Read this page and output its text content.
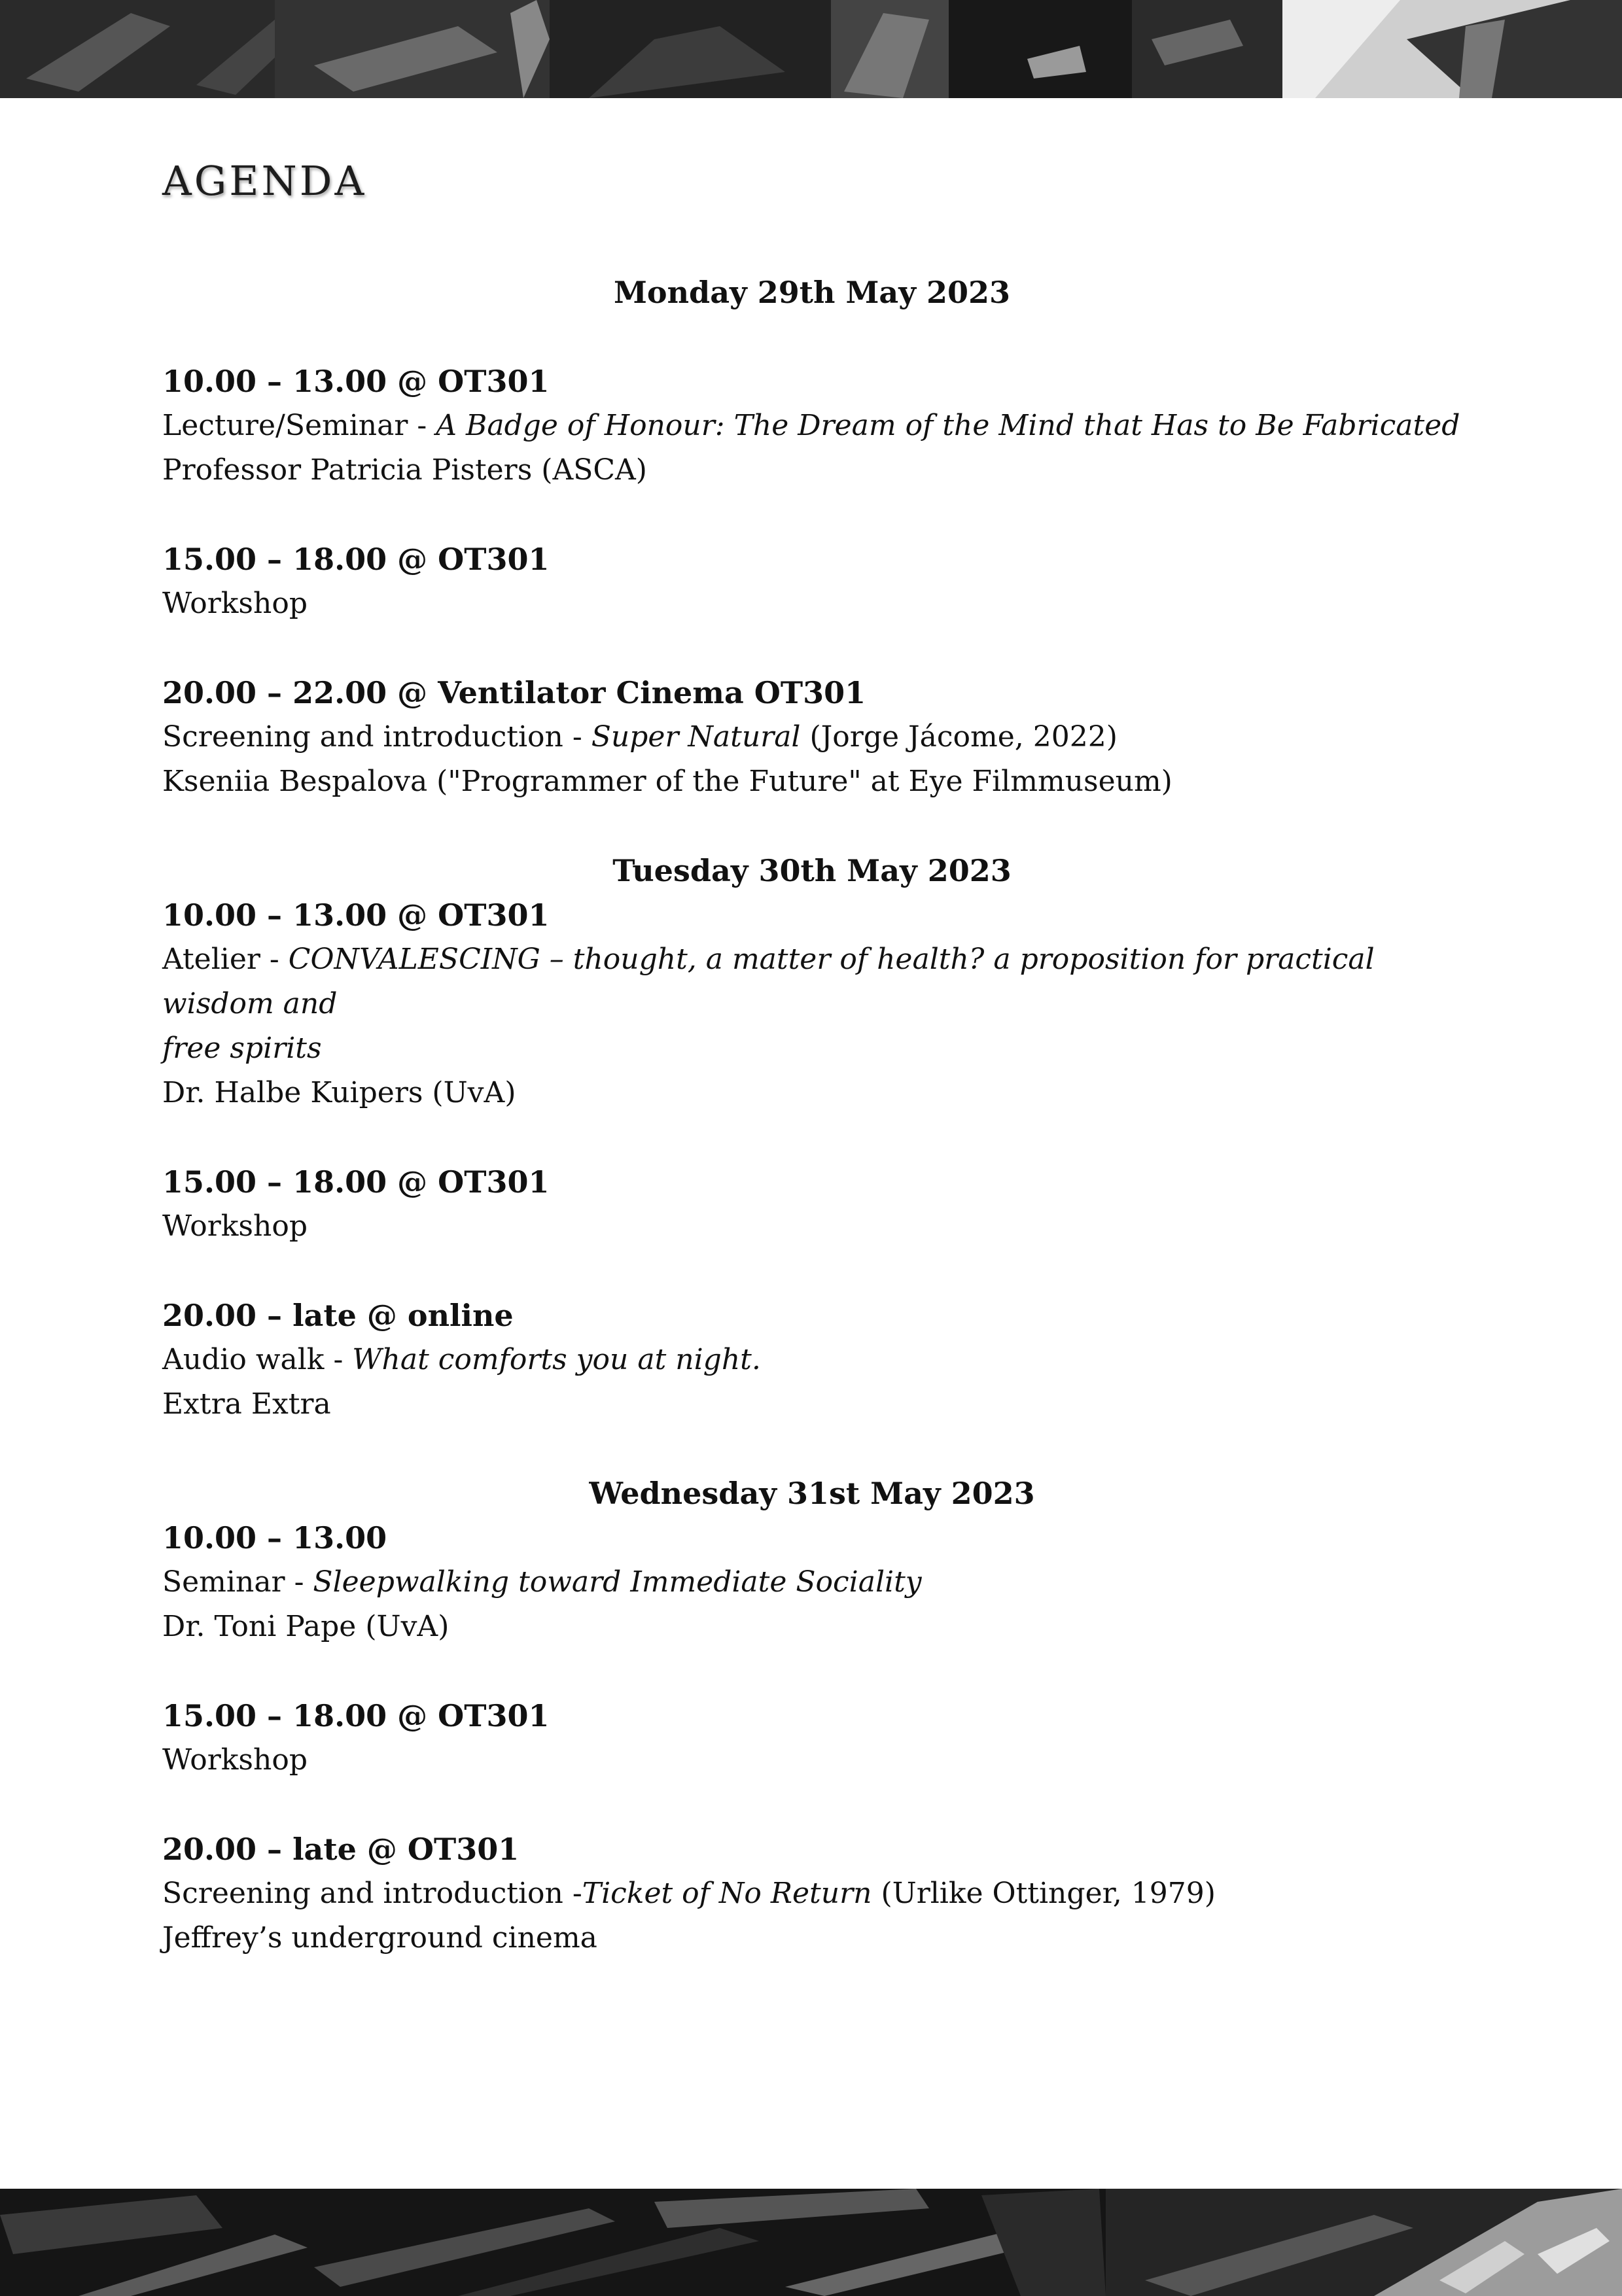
AGENDA

Monday 29th May 2023

10.00 – 13.00 @ OT301

Lecture/Seminar - A Badge of Honour: The Dream of the Mind that Has to Be Fabricated

Professor Patricia Pisters (ASCA)

15.00 – 18.00 @ OT301

Workshop

20.00 – 22.00 @ Ventilator Cinema OT301

Screening and introduction - Super Natural (Jorge Jácome, 2022)

Kseniia Bespalova ("Programmer of the Future" at Eye Filmmuseum)

Tuesday 30th May 2023

10.00 – 13.00 @ OT301

Atelier - CONVALESCING – thought, a matter of health? a proposition for practical wisdom and

free spirits

Dr. Halbe Kuipers (UvA)

15.00 – 18.00 @ OT301

Workshop

20.00 – late @ online

Audio walk - What comforts you at night.

Extra Extra

Wednesday 31st May 2023

10.00 – 13.00

Seminar - Sleepwalking toward Immediate Sociality

Dr. Toni Pape (UvA)

15.00 – 18.00 @ OT301

Workshop

20.00 – late @ OT301

Screening and introduction -Ticket of No Return (Urlike Ottinger, 1979)

Jeffrey’s underground cinema
